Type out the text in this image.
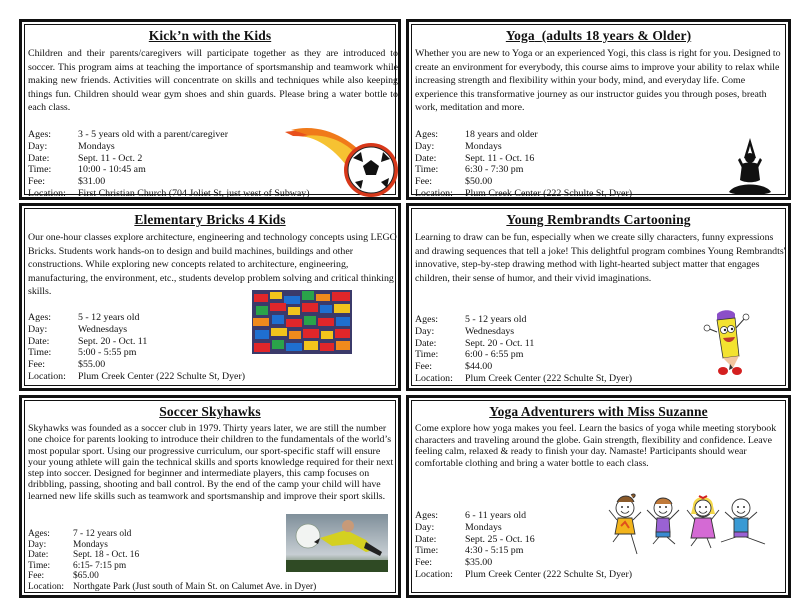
Kick’n with the Kids

Children and their parents/caregivers will participate together as they are introduced to soccer. This program aims at teaching the importance of sportsmanship and teamwork while making new friends. Activities will concentrate on skills and techniques while also keeping things fun. Children should wear gym shoes and shin guards. Please bring a water bottle to each class.

Ages:	3 - 5 years old with a parent/caregiver
Day:	Mondays
Date:	Sept. 11 - Oct. 2
Time:	10:00 - 10:45 am
Fee:	$31.00
Location:	First Christian Church (704 Joliet St, just west of Subway)
Yoga (adults 18 years & Older)

Whether you are new to Yoga or an experienced Yogi, this class is right for you. Designed to create an environment for everybody, this course aims to improve your ability to relax while increasing strength and flexibility within your body, mind, and everyday life. Come experience this transformative journey as our instructor guides you through poses, breath work, meditation and more.

Ages:	18 years and older
Day:	Mondays
Date:	Sept. 11 - Oct. 16
Time:	6:30 - 7:30 pm
Fee:	$50.00
Location:	Plum Creek Center (222 Schulte St, Dyer)
Elementary Bricks 4 Kids

Our one-hour classes explore architecture, engineering and technology concepts using LEGO Bricks. Students work hands-on to design and build machines, buildings and other constructions. While exploring new concepts related to architecture, engineering, manufacturing, the environment, etc., students develop problem solving and critical thinking skills.

Ages:	5 - 12 years old
Day:	Wednesdays
Date:	Sept. 20 - Oct. 11
Time:	5:00 - 5:55 pm
Fee:	$55.00
Location:	Plum Creek Center (222 Schulte St, Dyer)
Young Rembrandts Cartooning

Learning to draw can be fun, especially when we create silly characters, funny expressions and drawing sequences that tell a joke! This delightful program combines Young Rembrandts' innovative, step-by-step drawing method with light-hearted subject matter that engages children, their sense of humor, and their vivid imaginations.

Ages:	5 - 12 years old
Day:	Wednesdays
Date:	Sept. 20 - Oct. 11
Time:	6:00 - 6:55 pm
Fee:	$44.00
Location:	Plum Creek Center (222 Schulte St, Dyer)
Soccer Skyhawks

Skyhawks was founded as a soccer club in 1979. Thirty years later, we are still the number one choice for parents looking to introduce their children to the fundamentals of the world’s most popular sport. Using our progressive curriculum, our sport-specific staff will ensure your young athlete will gain the technical skills and sports knowledge required for their next step into soccer. Designed for beginner and intermediate players, this camp focuses on dribbling, passing, shooting and ball control. By the end of the camp your child will have learned new life skills such as teamwork and sportsmanship and improve their sport skills.

Ages:	7 - 12 years old
Day:	Mondays
Date:	Sept. 18 - Oct. 16
Time:	6:15- 7:15 pm
Fee:	$65.00
Location: Northgate Park (Just south of Main St. on Calumet Ave. in Dyer)
Yoga Adventurers with Miss Suzanne

Come explore how yoga makes you feel. Learn the basics of yoga while meeting storybook characters and traveling around the globe. Gain strength, flexibility and confidence. Leave feeling calm, relaxed & ready to finish your day. Namaste! Participants should wear comfortable clothing and bring a water bottle to each class.

Ages:	6 - 11 years old
Day:	Mondays
Date:	Sept. 25 - Oct. 16
Time:	4:30 - 5:15 pm
Fee:	$35.00
Location:	Plum Creek Center (222 Schulte St, Dyer)
